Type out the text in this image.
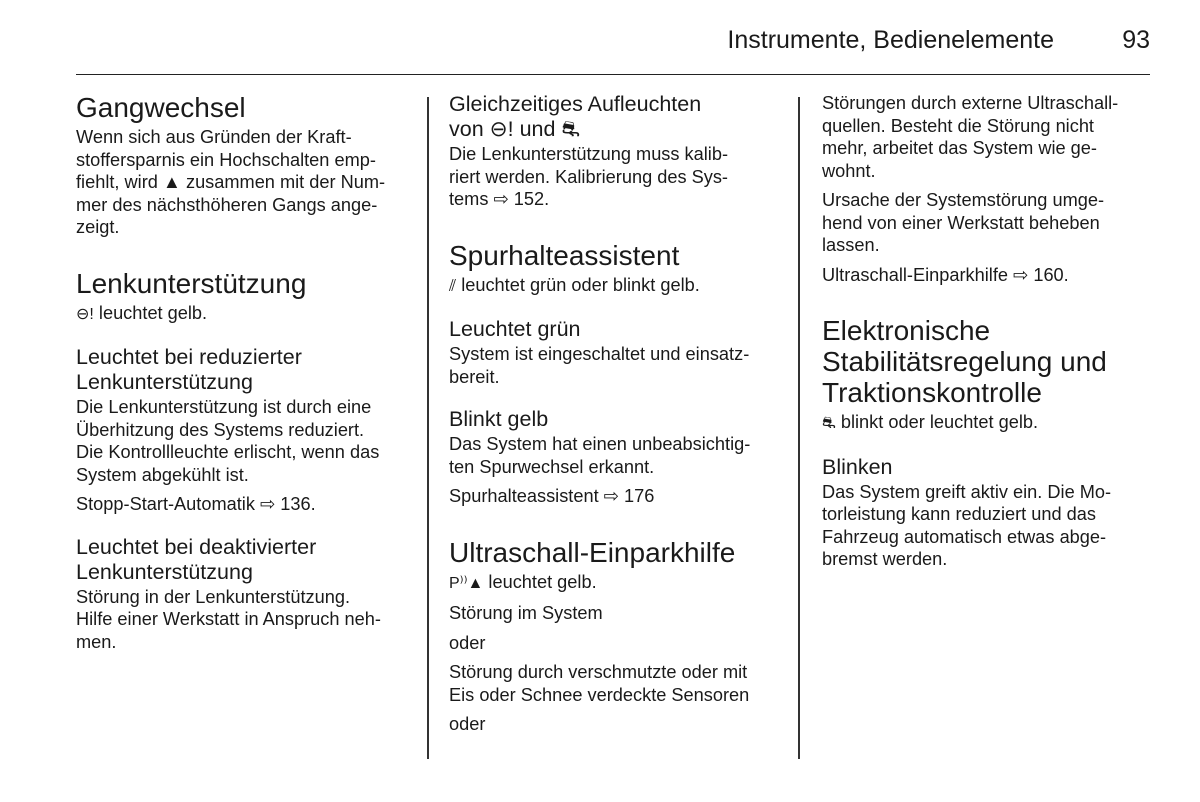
Instrumente, Bedienelemente	93
Gangwechsel
Wenn sich aus Gründen der Kraft-
stoffersparnis ein Hochschalten emp-
fiehlt, wird ▲ zusammen mit der Num-
mer des nächsthöheren Gangs ange-
zeigt.
Lenkunterstützung
⊖! leuchtet gelb.
Leuchtet bei reduzierter
Lenkunterstützung
Die Lenkunterstützung ist durch eine
Überhitzung des Systems reduziert.
Die Kontrollleuchte erlischt, wenn das
System abgekühlt ist.
Stopp-Start-Automatik ⇨ 136.
Leuchtet bei deaktivierter
Lenkunterstützung
Störung in der Lenkunterstützung.
Hilfe einer Werkstatt in Anspruch neh-
men.
Gleichzeitiges Aufleuchten
von ⊖! und ⛐
Die Lenkunterstützung muss kalib-
riert werden. Kalibrierung des Sys-
tems ⇨ 152.
Spurhalteassistent
⫽ leuchtet grün oder blinkt gelb.
Leuchtet grün
System ist eingeschaltet und einsatz-
bereit.
Blinkt gelb
Das System hat einen unbeabsichtig-
ten Spurwechsel erkannt.
Spurhalteassistent ⇨ 176
Ultraschall-Einparkhilfe
P⁾⁾▲ leuchtet gelb.
Störung im System
oder
Störung durch verschmutzte oder mit
Eis oder Schnee verdeckte Sensoren
oder
Störungen durch externe Ultraschall-
quellen. Besteht die Störung nicht
mehr, arbeitet das System wie ge-
wohnt.
Ursache der Systemstörung umge-
hend von einer Werkstatt beheben
lassen.
Ultraschall-Einparkhilfe ⇨ 160.
Elektronische
Stabilitätsregelung und
Traktionskontrolle
⛐ blinkt oder leuchtet gelb.
Blinken
Das System greift aktiv ein. Die Mo-
torleistung kann reduziert und das
Fahrzeug automatisch etwas abge-
bremst werden.
